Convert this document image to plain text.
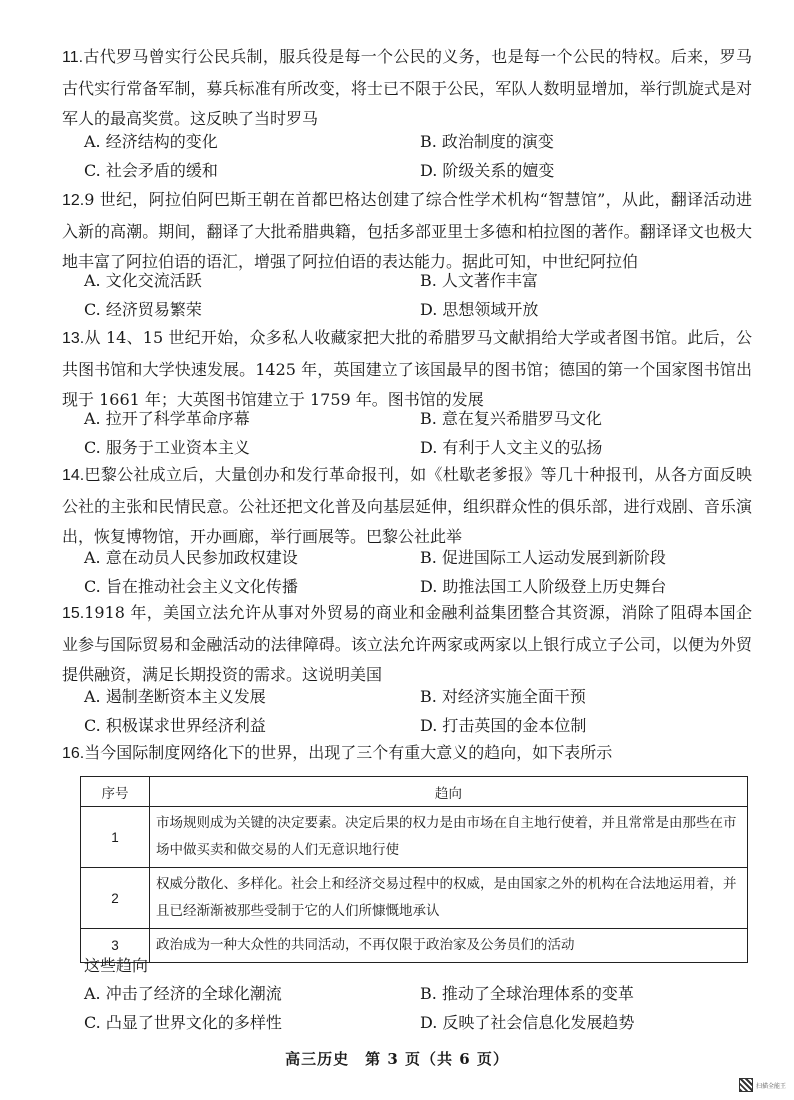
11.古代罗马曾实行公民兵制，服兵役是每一个公民的义务，也是每一个公民的特权。后来，罗马古代实行常备军制，募兵标准有所改变，将士已不限于公民，军队人数明显增加，举行凯旋式是对军人的最高奖赏。这反映了当时罗马
A. 经济结构的变化	B. 政治制度的演变
C. 社会矛盾的缓和	D. 阶级关系的嬗变
12.9 世纪，阿拉伯阿巴斯王朝在首都巴格达创建了综合性学术机构“智慧馆”，从此，翻译活动进入新的高潮。期间，翻译了大批希腊典籍，包括多部亚里士多德和柏拉图的著作。翻译译文也极大地丰富了阿拉伯语的语汇，增强了阿拉伯语的表达能力。据此可知，中世纪阿拉伯
A. 文化交流活跃	B. 人文著作丰富
C. 经济贸易繁荣	D. 思想领域开放
13.从 14、15 世纪开始，众多私人收藏家把大批的希腊罗马文献捐给大学或者图书馆。此后，公共图书馆和大学快速发展。1425 年，英国建立了该国最早的图书馆；德国的第一个国家图书馆出现于 1661 年；大英图书馆建立于 1759 年。图书馆的发展
A. 拉开了科学革命序幕	B. 意在复兴希腊罗马文化
C. 服务于工业资本主义	D. 有利于人文主义的弘扬
14.巴黎公社成立后，大量创办和发行革命报刊，如《杜歇老爹报》等几十种报刊，从各方面反映公社的主张和民情民意。公社还把文化普及向基层延伸，组织群众性的俱乐部，进行戏剧、音乐演出，恢复博物馆，开办画廊，举行画展等。巴黎公社此举
A. 意在动员人民参加政权建设	B. 促进国际工人运动发展到新阶段
C. 旨在推动社会主义文化传播	D. 助推法国工人阶级登上历史舞台
15.1918 年，美国立法允许从事对外贸易的商业和金融利益集团整合其资源，消除了阻碍本国企业参与国际贸易和金融活动的法律障碍。该立法允许两家或两家以上银行成立子公司，以便为外贸提供融资，满足长期投资的需求。这说明美国
A. 遏制垄断资本主义发展	B. 对经济实施全面干预
C. 积极谋求世界经济利益	D. 打击英国的金本位制
16.当今国际制度网络化下的世界，出现了三个有重大意义的趋向，如下表所示
序号	趋向
1	市场规则成为关键的决定要素。决定后果的权力是由市场在自主地行使着，并且常常是由那些在市场中做买卖和做交易的人们无意识地行使
2	权威分散化、多样化。社会上和经济交易过程中的权威，是由国家之外的机构在合法地运用着，并且已经渐渐被那些受制于它的人们所慷慨地承认
3	政治成为一种大众性的共同活动，不再仅限于政治家及公务员们的活动
这些趋向
A. 冲击了经济的全球化潮流	B. 推动了全球治理体系的变革
C. 凸显了世界文化的多样性	D. 反映了社会信息化发展趋势
高三历史　第 3 页（共 6 页）
扫描全能王
